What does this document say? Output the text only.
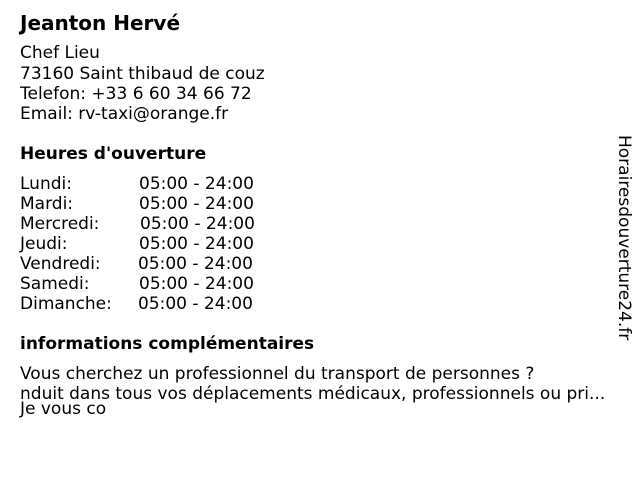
Jeanton Hervé
Chef Lieu
73160 Saint thibaud de couz
Telefon: +33 6 60 34 66 72
Email: rv-taxi@orange.fr
Heures d'ouverture
Lundi:	05:00 - 24:00
Mardi:	05:00 - 24:00
Mercredi: 05:00 - 24:00
Jeudi:	05:00 - 24:00
Vendredi: 05:00 - 24:00
Samedi:	05:00 - 24:00
Dimanche: 05:00 - 24:00
informations complémentaires
Vous cherchez un professionnel du transport de personnes ?
nduit dans tous vos déplacements médicaux, professionnels ou pri...
Je vous co
Horairesdouverture24.fr
